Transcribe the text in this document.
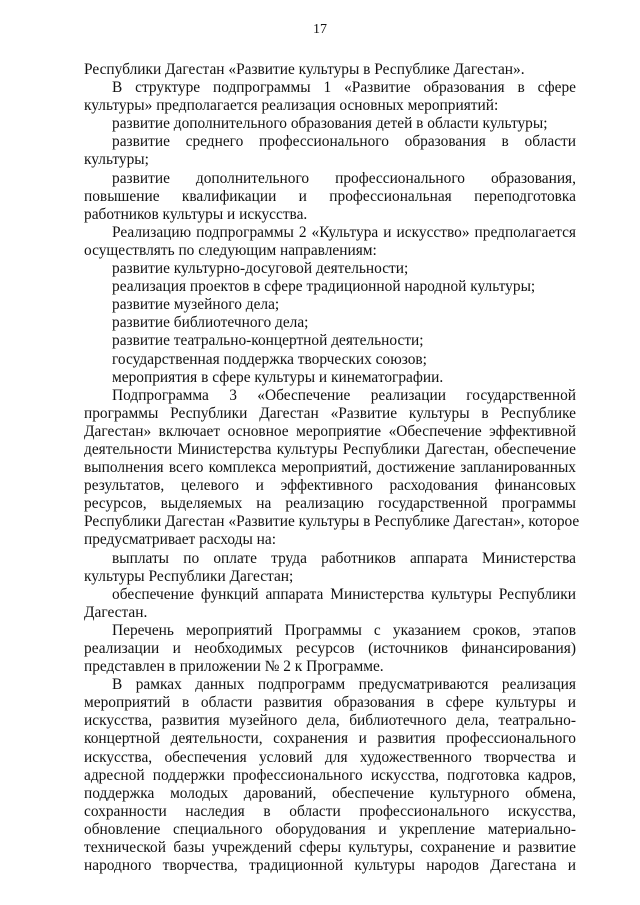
17
Республики Дагестан «Развитие культуры в Республике Дагестан».
В структуре подпрограммы 1 «Развитие образования в сфере
культуры» предполагается реализация основных мероприятий:
развитие дополнительного образования детей в области культуры;
развитие среднего профессионального образования в области
культуры;
развитие дополнительного профессионального образования,
повышение квалификации и профессиональная переподготовка
работников культуры и искусства.
Реализацию подпрограммы 2 «Культура и искусство» предполагается
осуществлять по следующим направлениям:
развитие культурно-досуговой деятельности;
реализация проектов в сфере традиционной народной культуры;
развитие музейного дела;
развитие библиотечного дела;
развитие театрально-концертной деятельности;
государственная поддержка творческих союзов;
мероприятия в сфере культуры и кинематографии.
Подпрограмма 3 «Обеспечение реализации государственной
программы Республики Дагестан «Развитие культуры в Республике
Дагестан» включает основное мероприятие «Обеспечение эффективной
деятельности Министерства культуры Республики Дагестан, обеспечение
выполнения всего комплекса мероприятий, достижение запланированных
результатов, целевого и эффективного расходования финансовых
ресурсов, выделяемых на реализацию государственной программы
Республики Дагестан «Развитие культуры в Республике Дагестан», которое
предусматривает расходы на:
выплаты по оплате труда работников аппарата Министерства
культуры Республики Дагестан;
обеспечение функций аппарата Министерства культуры Республики
Дагестан.
Перечень мероприятий Программы с указанием сроков, этапов
реализации и необходимых ресурсов (источников финансирования)
представлен в приложении № 2 к Программе.
В рамках данных подпрограмм предусматриваются реализация
мероприятий в области развития образования в сфере культуры и
искусства, развития музейного дела, библиотечного дела, театрально-
концертной деятельности, сохранения и развития профессионального
искусства, обеспечения условий для художественного творчества и
адресной поддержки профессионального искусства, подготовка кадров,
поддержка молодых дарований, обеспечение культурного обмена,
сохранности наследия в области профессионального искусства,
обновление специального оборудования и укрепление материально-
технической базы учреждений сферы культуры, сохранение и развитие
народного творчества, традиционной культуры народов Дагестана и
